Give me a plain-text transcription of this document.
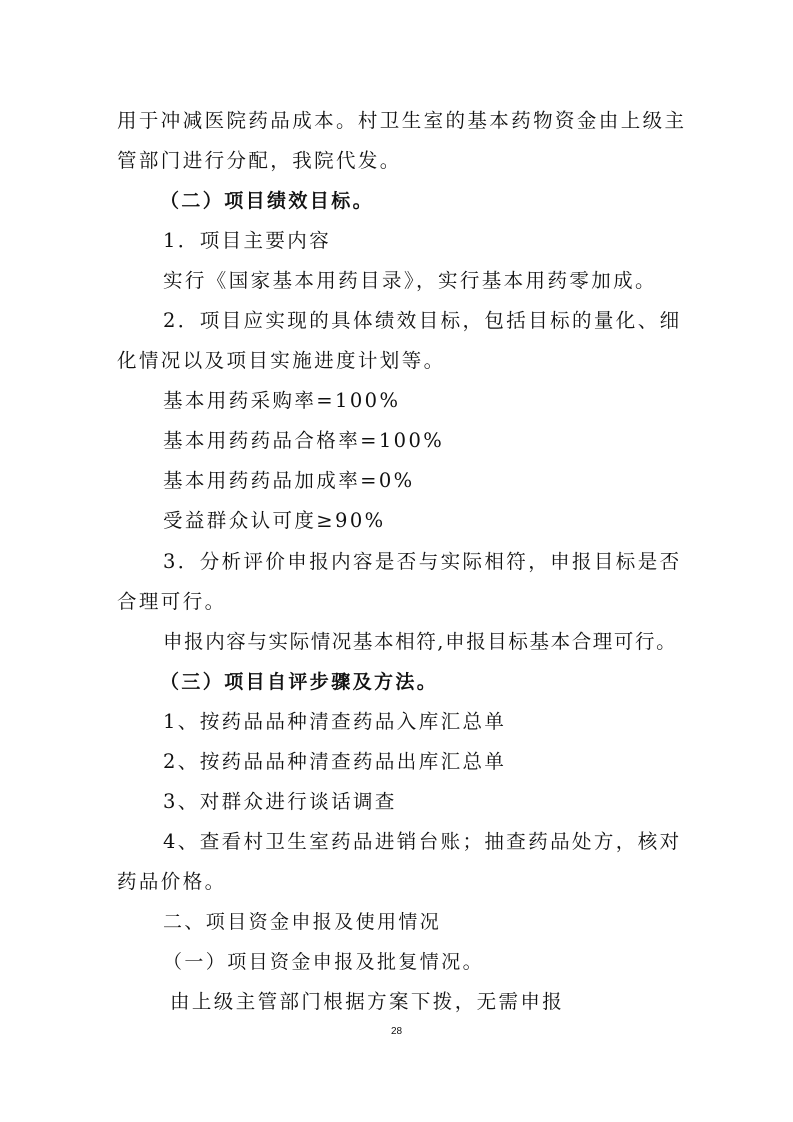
用于冲减医院药品成本。村卫生室的基本药物资金由上级主
管部门进行分配，我院代发。
（二）项目绩效目标。
1．项目主要内容
实行《国家基本用药目录》，实行基本用药零加成。
2．项目应实现的具体绩效目标，包括目标的量化、细
化情况以及项目实施进度计划等。
基本用药采购率=100%
基本用药药品合格率=100%
基本用药药品加成率=0%
受益群众认可度≥90%
3．分析评价申报内容是否与实际相符，申报目标是否
合理可行。
申报内容与实际情况基本相符,申报目标基本合理可行。
（三）项目自评步骤及方法。
1、按药品品种清查药品入库汇总单
2、按药品品种清查药品出库汇总单
3、对群众进行谈话调查
4、查看村卫生室药品进销台账；抽查药品处方，核对
药品价格。
二、项目资金申报及使用情况
（一）项目资金申报及批复情况。
由上级主管部门根据方案下拨，无需申报
28
